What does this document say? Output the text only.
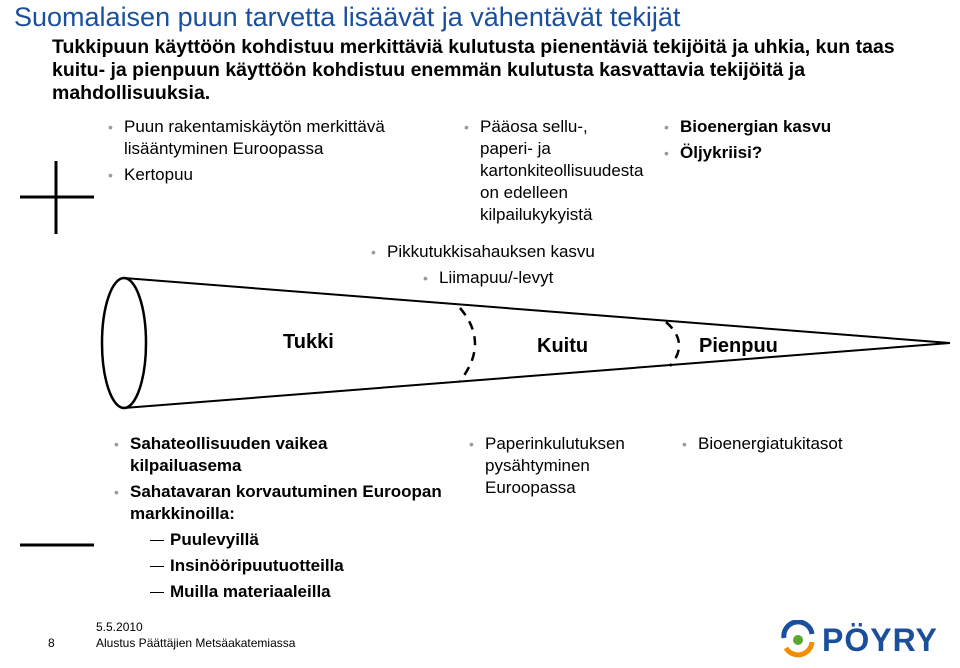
Suomalaisen puun tarvetta lisäävät ja vähentävät tekijät

Tukkipuun käyttöön kohdistuu merkittäviä kulutusta pienentäviä tekijöitä ja uhkia, kun taas kuitu- ja pienpuun käyttöön kohdistuu enemmän kulutusta kasvattavia tekijöitä ja mahdollisuuksia.

• Puun rakentamiskäytön merkittävä lisääntyminen Euroopassa
• Kertopuu
• Pääosa sellu-, paperi- ja kartonkiteollisuudesta on edelleen kilpailukykyistä
• Bioenergian kasvu
• Öljykriisi?
• Pikkutukkisahauksen kasvu
• Liimapuu/-levyt
Tukki	Kuitu	Pienpuu
• Sahateollisuuden vaikea kilpailuasema
• Sahatavaran korvautuminen Euroopan markkinoilla:
Puulevyillä
Insinööripuutuotteilla
Muilla materiaaleilla
• Paperinkulutuksen pysähtyminen Euroopassa
• Bioenergiatukitasot
8
5.5.2010
Alustus Päättäjien Metsäakatemiassa	PÖYRY
